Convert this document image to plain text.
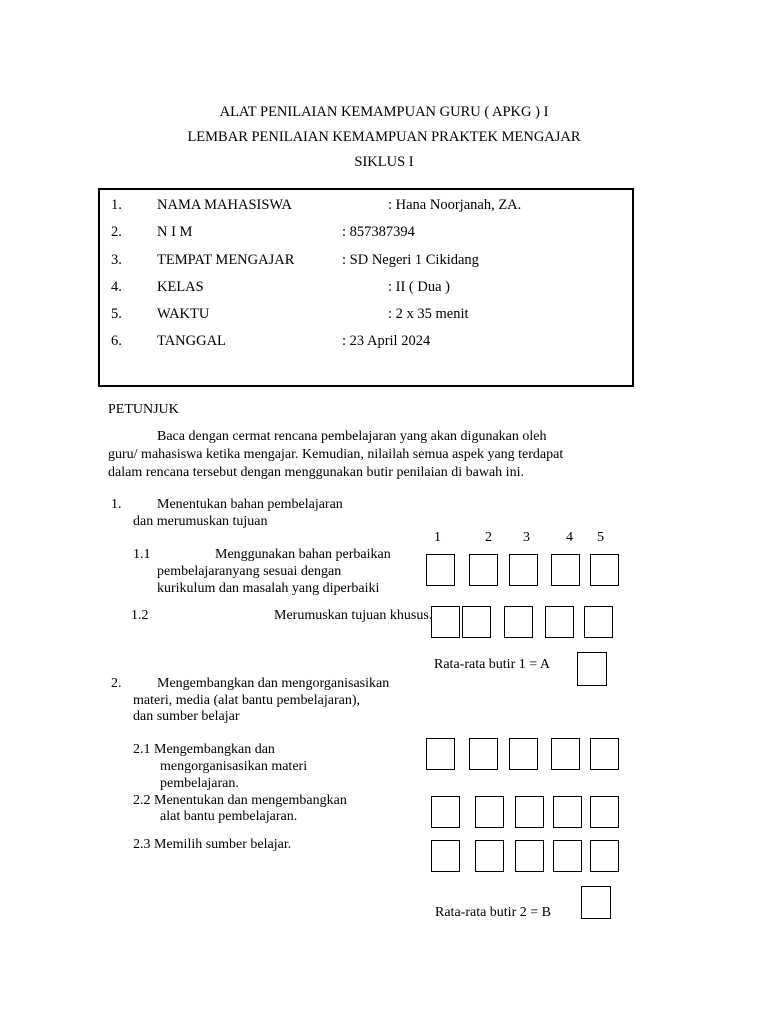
ALAT PENILAIAN KEMAMPUAN GURU ( APKG ) I
LEMBAR PENILAIAN KEMAMPUAN PRAKTEK MENGAJAR
SIKLUS I
1. NAMA MAHASISWA	: Hana Noorjanah, ZA.
2. N I M	: 857387394
3. TEMPAT MENGAJAR	: SD Negeri 1 Cikidang
4. KELAS	: II ( Dua )
5. WAKTU	: 2 x 35 menit
6. TANGGAL	: 23 April 2024
PETUNJUK
Baca dengan cermat rencana pembelajaran yang akan digunakan oleh
guru/ mahasiswa ketika mengajar. Kemudian, nilailah semua aspek yang terdapat
dalam rencana tersebut dengan menggunakan butir penilaian di bawah ini.
1.	Menentukan bahan pembelajaran
dan merumuskan tujuan
1	2 3	4 5
1.1	Menggunakan bahan perbaikan
pembelajaranyang sesuai dengan
kurikulum dan masalah yang diperbaiki
1.2	Merumuskan tujuan khusus.
Rata-rata butir 1 = A
2.	Mengembangkan dan mengorganisasikan
materi, media (alat bantu pembelajaran),
dan sumber belajar
2.1 Mengembangkan dan
mengorganisasikan materi
pembelajaran.
2.2 Menentukan dan mengembangkan
alat bantu pembelajaran.
2.3 Memilih sumber belajar.
Rata-rata butir 2 = B
